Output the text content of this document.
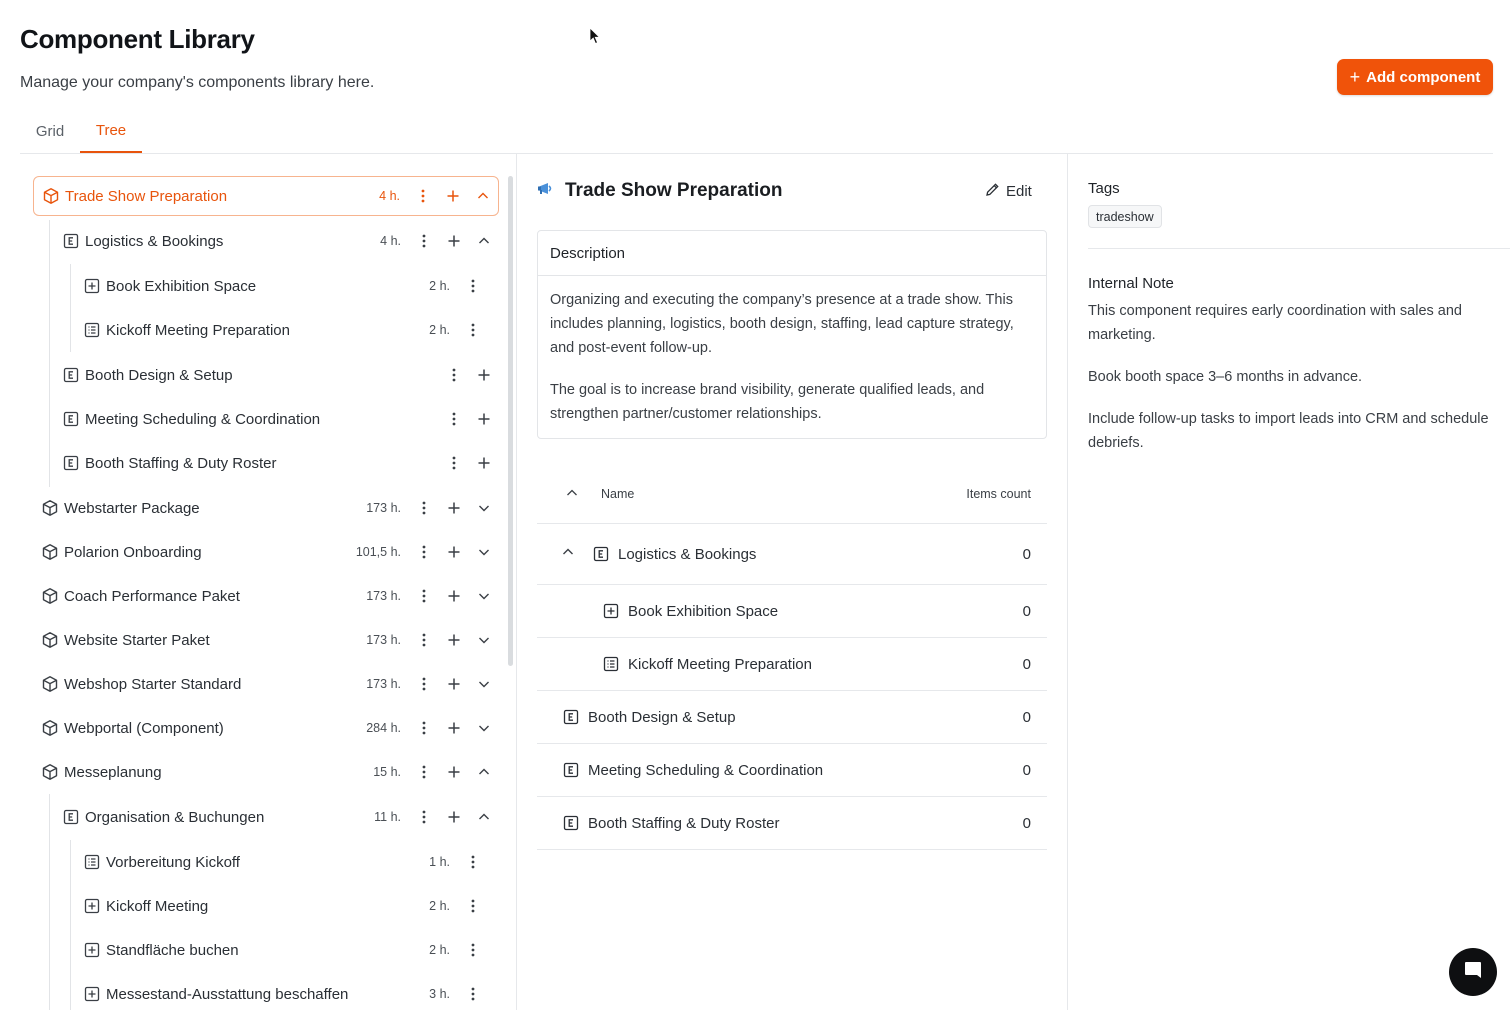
Component Library
Manage your company's components library here.	+ Add component
Grid	Tree
Trade Show Preparation	4 h.
Logistics & Bookings	4 h.
Book Exhibition Space	2 h.
Kickoff Meeting Preparation	2 h.
Booth Design & Setup
Meeting Scheduling & Coordination
Booth Staffing & Duty Roster
Webstarter Package	173 h.
Polarion Onboarding	101,5 h.
Coach Performance Paket	173 h.
Website Starter Paket	173 h.
Webshop Starter Standard	173 h.
Webportal (Component)	284 h.
Messeplanung	15 h.
Organisation & Buchungen	11 h.
Vorbereitung Kickoff	1 h.
Kickoff Meeting	2 h.
Standfläche buchen	2 h.
Messestand-Ausstattung beschaffen	3 h.
Trade Show Preparation	Edit
Description

Organizing and executing the company’s presence at a trade show. This includes planning, logistics, booth design, staffing, lead capture strategy, and post-event follow-up.

The goal is to increase brand visibility, generate qualified leads, and strengthen partner/customer relationships.

Name	Items count
Logistics & Bookings	0
Book Exhibition Space	0
Kickoff Meeting Preparation	0
Booth Design & Setup	0
Meeting Scheduling & Coordination	0
Booth Staffing & Duty Roster	0
Tags
tradeshow
Internal Note

This component requires early coordination with sales and marketing.

Book booth space 3–6 months in advance.

Include follow-up tasks to import leads into CRM and schedule debriefs.
